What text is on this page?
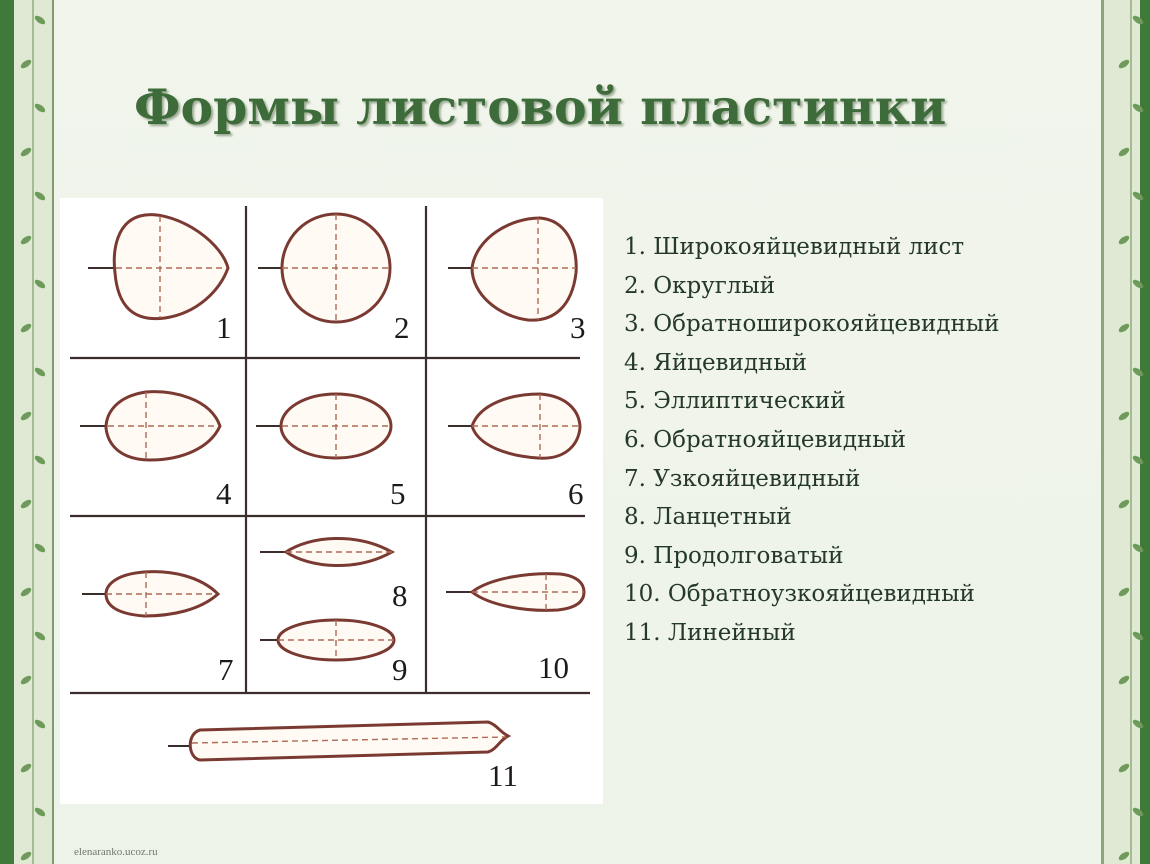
Формы листовой пластинки
1	2	3
4	5	6
7
8
9	10
11
1. Широкояйцевидный лист
2. Округлый
3. Обратноширокояйцевидный
4. Яйцевидный
5. Эллиптический
6. Обратнояйцевидный
7. Узкояйцевидный
8. Ланцетный
9. Продолговатый
10. Обратноузкояйцевидный
11. Линейный
elenaranko.ucoz.ru
